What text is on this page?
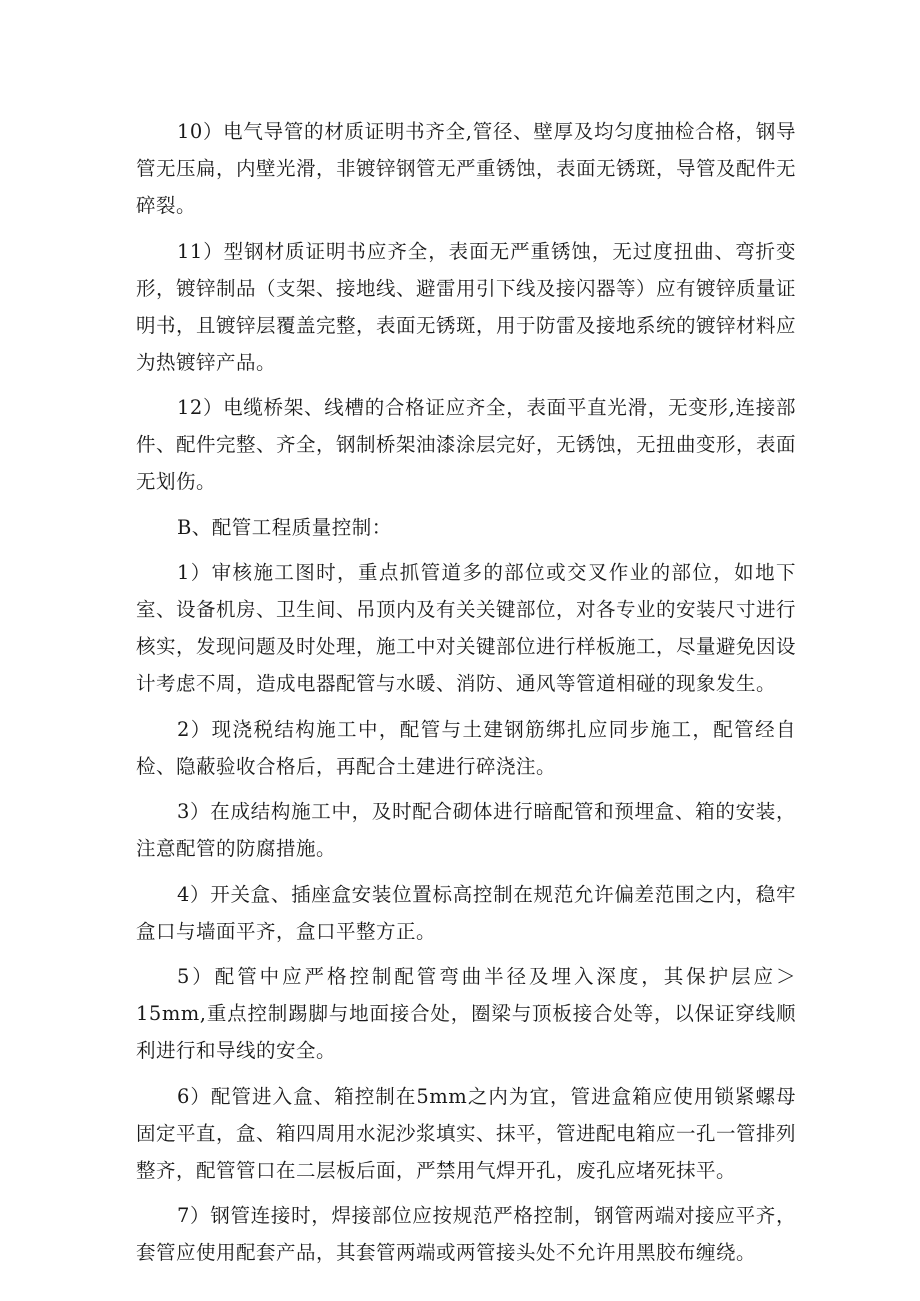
10）电气导管的材质证明书齐全,管径、壁厚及均匀度抽检合格，钢导管无压扁，内壁光滑，非镀锌钢管无严重锈蚀，表面无锈斑，导管及配件无碎裂。

11）型钢材质证明书应齐全，表面无严重锈蚀，无过度扭曲、弯折变形，镀锌制品（支架、接地线、避雷用引下线及接闪器等）应有镀锌质量证明书，且镀锌层覆盖完整，表面无锈斑，用于防雷及接地系统的镀锌材料应为热镀锌产品。

12）电缆桥架、线槽的合格证应齐全，表面平直光滑，无变形,连接部件、配件完整、齐全，钢制桥架油漆涂层完好，无锈蚀，无扭曲变形，表面无划伤。

B、配管工程质量控制：

1）审核施工图时，重点抓管道多的部位或交叉作业的部位，如地下室、设备机房、卫生间、吊顶内及有关关键部位，对各专业的安装尺寸进行核实，发现问题及时处理，施工中对关键部位进行样板施工，尽量避免因设计考虑不周，造成电器配管与水暖、消防、通风等管道相碰的现象发生。

2）现浇税结构施工中，配管与土建钢筋绑扎应同步施工，配管经自检、隐蔽验收合格后，再配合土建进行碎浇注。

3）在成结构施工中，及时配合砌体进行暗配管和预埋盒、箱的安装，注意配管的防腐措施。

4）开关盒、插座盒安装位置标高控制在规范允许偏差范围之内，稳牢盒口与墙面平齐，盒口平整方正。

5）配管中应严格控制配管弯曲半径及埋入深度，其保护层应＞15mm,重点控制踢脚与地面接合处，圈梁与顶板接合处等，以保证穿线顺利进行和导线的安全。

6）配管进入盒、箱控制在5mm之内为宜，管进盒箱应使用锁紧螺母固定平直，盒、箱四周用水泥沙浆填实、抹平，管进配电箱应一孔一管排列整齐，配管管口在二层板后面，严禁用气焊开孔，废孔应堵死抹平。

7）钢管连接时，焊接部位应按规范严格控制，钢管两端对接应平齐，套管应使用配套产品，其套管两端或两管接头处不允许用黑胶布缠绕。
